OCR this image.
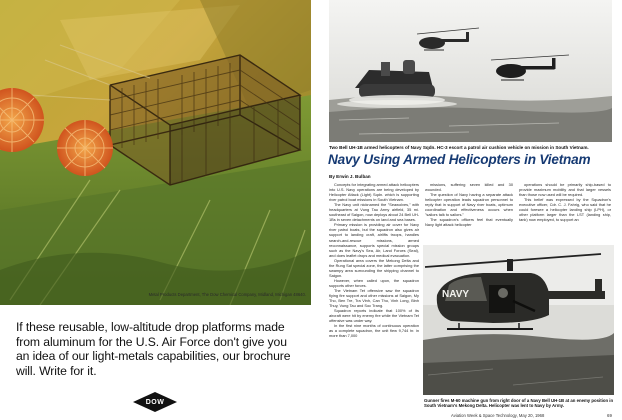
Metal Products Department, The Dow Chemical Company, Midland, Michigan 48640.
If these reusable, low-altitude drop platforms made from aluminum for the U.S. Air Force don't give you an idea of our light-metals capabilities, our brochure will. Write for it.
DOW
Two Bell UH-1B armed helicopters of Navy Sqdn. HC-3 escort a patrol air cushion vehicle on mission in South Vietnam.
Navy Using Armed Helicopters in Vietnam
By Erwin J. Bulban

Concepts for integrating armed attack helicopters into U.S. Navy operations are being developed by Helicopter Attack (Light) Sqdn. which is supporting river patrol boat missions in South Vietnam.

The Navy unit nicknamed the "Seawolves," with headquarters at Vung Tau Army airfield, 35 mi. southeast of Saigon, now deploys about 24 Bell UH-1Bs in seven detachments on land and sea bases.

Primary mission is providing air cover for Navy river patrol boats, but the squadron also gives air support to landing craft, airlifts troops, handles search-and-rescue missions, armed reconnaissance, supports special mission groups such as the Navy's Sea, Air, Land Forces (Seal), and does leaflet drops and medical evacuation.

Operational area covers the Mekong Delta and the Rung Sat special zone, the latter comprising the swampy area surrounding the shipping channel to Saigon.

However, when called upon, the squadron supports other forces.

The Vietnam Tet offensive saw the squadron flying fire support and other missions at Saigon, My Tho, Ben Tre, Tra Vinh, Can Tho, Vinh Long, Binh Thuy, Vung Tau and Soc Trang.

Squadron reports indicate that 100% of its aircraft were hit by enemy fire while the Vietnam Tet offensive was under way.

In the first nine months of continuous operation as a complete squadron, the unit flew 9,744 hr. in more than 7,000

missions, suffering seven killed and 30 wounded.

The question of Navy having a separate attack helicopter operation leads squadron personnel to reply that in support of Navy river boats, optimum coordination and effectiveness occurs when "sailors talk to sailors."

The squadron's officers feel that eventually Navy light attack helicopter

operations should be primarily ship-based to provide maximum mobility and that larger vessels than those now used will be required.

This belief was expressed by the Squadron's executive officer, Cdr. C. J. Fahrig, who said that he could foresee a helicopter landing ship (LPH), or other platform larger than the LST (landing ship, tank) now employed, to support an

NAVY
Gunner fires M-60 machine gun from right door of a Navy Bell UH-1B at an enemy position in South Vietnam's Mekong Delta. Helicopter was lent to Navy by Army.
Aviation Week & Space Technology, May 20, 1968	69
